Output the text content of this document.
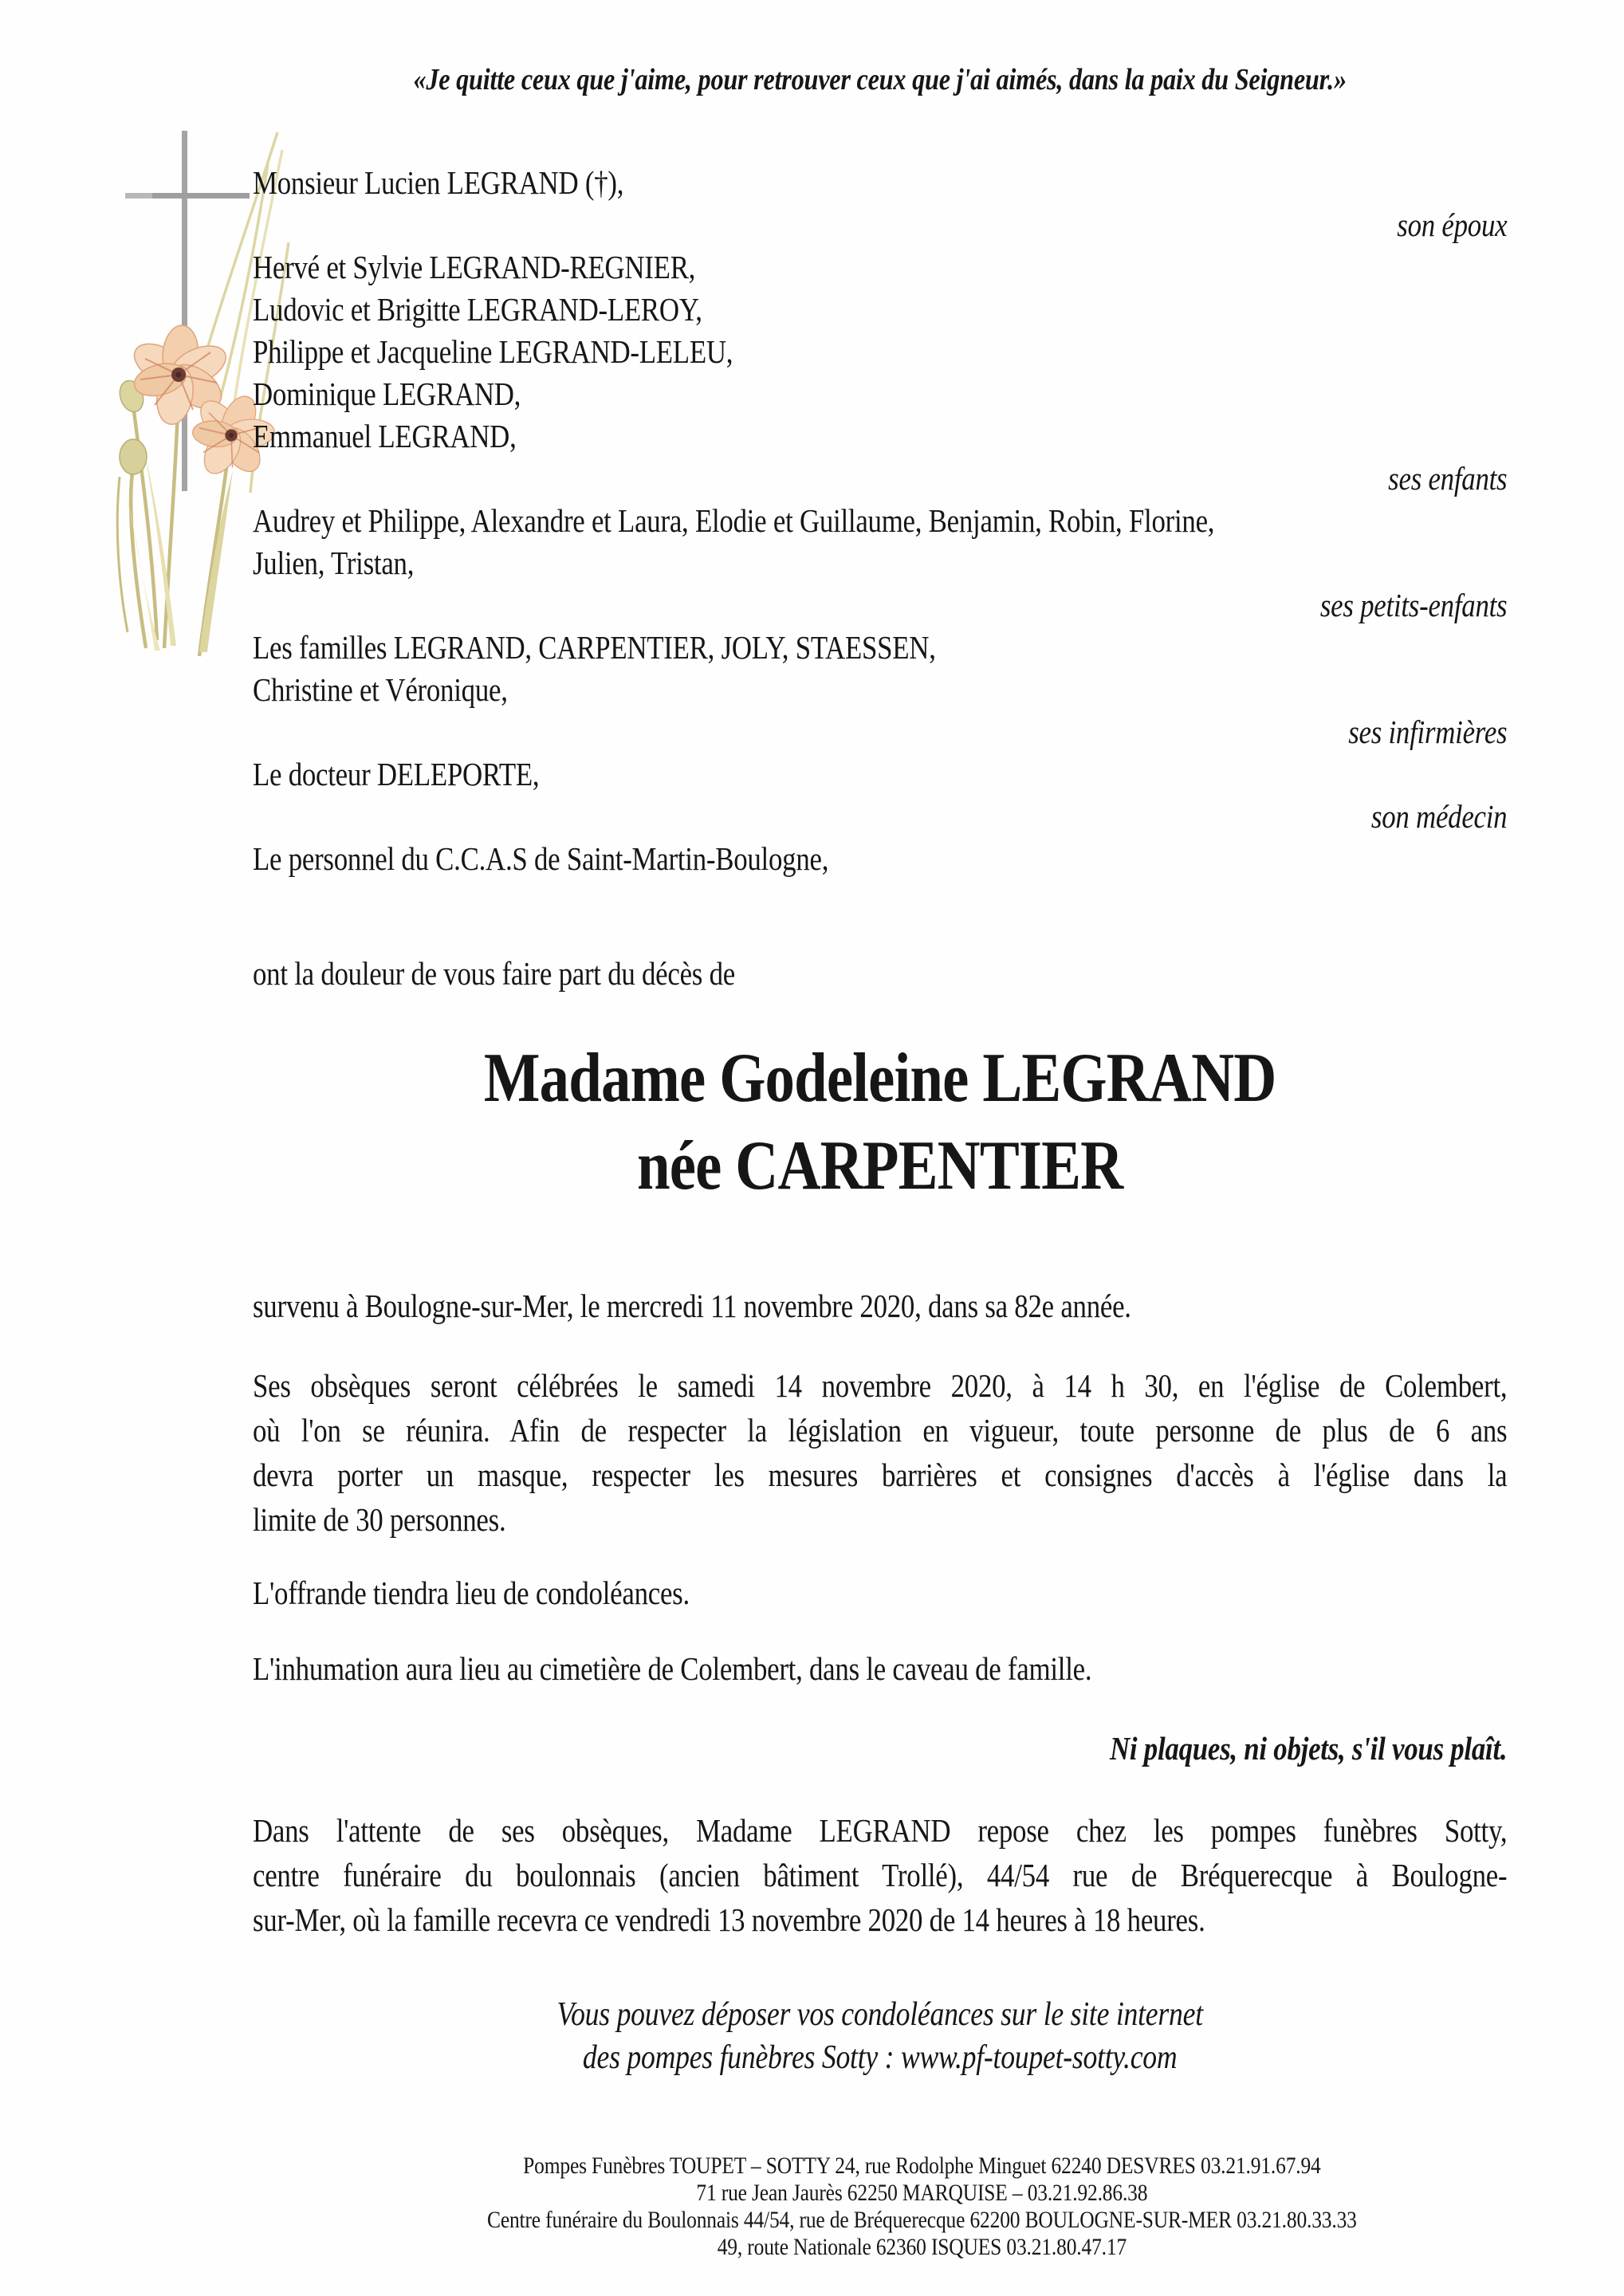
«Je quitte ceux que j'aime, pour retrouver ceux que j'ai aimés, dans la paix du Seigneur.»
Monsieur Lucien LEGRAND (†),
son époux
Hervé et Sylvie LEGRAND-REGNIER,
Ludovic et Brigitte LEGRAND-LEROY,
Philippe et Jacqueline LEGRAND-LELEU,
Dominique LEGRAND,
Emmanuel LEGRAND,
ses enfants
Audrey et Philippe, Alexandre et Laura, Elodie et Guillaume, Benjamin, Robin, Florine,
Julien, Tristan,
ses petits-enfants
Les familles LEGRAND, CARPENTIER, JOLY, STAESSEN,
Christine et Véronique,
ses infirmières
Le docteur DELEPORTE,
son médecin
Le personnel du C.C.A.S de Saint-Martin-Boulogne,
ont la douleur de vous faire part du décès de
Madame Godeleine LEGRAND
née CARPENTIER
survenu à Boulogne-sur-Mer, le mercredi 11 novembre 2020, dans sa 82e année.
Ses obsèques seront célébrées le samedi 14 novembre 2020, à 14 h 30, en l'église de Colembert,
où l'on se réunira. Afin de respecter la législation en vigueur, toute personne de plus de 6 ans
devra porter un masque, respecter les mesures barrières et consignes d'accès à l'église dans la
limite de 30 personnes.
L'offrande tiendra lieu de condoléances.
L'inhumation aura lieu au cimetière de Colembert, dans le caveau de famille.
Ni plaques, ni objets, s'il vous plaît.
Dans l'attente de ses obsèques, Madame LEGRAND repose chez les pompes funèbres Sotty,
centre funéraire du boulonnais (ancien bâtiment Trollé), 44/54 rue de Bréquerecque à Boulogne-
sur-Mer, où la famille recevra ce vendredi 13 novembre 2020 de 14 heures à 18 heures.
Vous pouvez déposer vos condoléances sur le site internet
des pompes funèbres Sotty : www.pf-toupet-sotty.com
Pompes Funèbres TOUPET – SOTTY 24, rue Rodolphe Minguet 62240 DESVRES 03.21.91.67.94
71 rue Jean Jaurès 62250 MARQUISE – 03.21.92.86.38
Centre funéraire du Boulonnais 44/54, rue de Bréquerecque 62200 BOULOGNE-SUR-MER 03.21.80.33.33
49, route Nationale 62360 ISQUES 03.21.80.47.17
